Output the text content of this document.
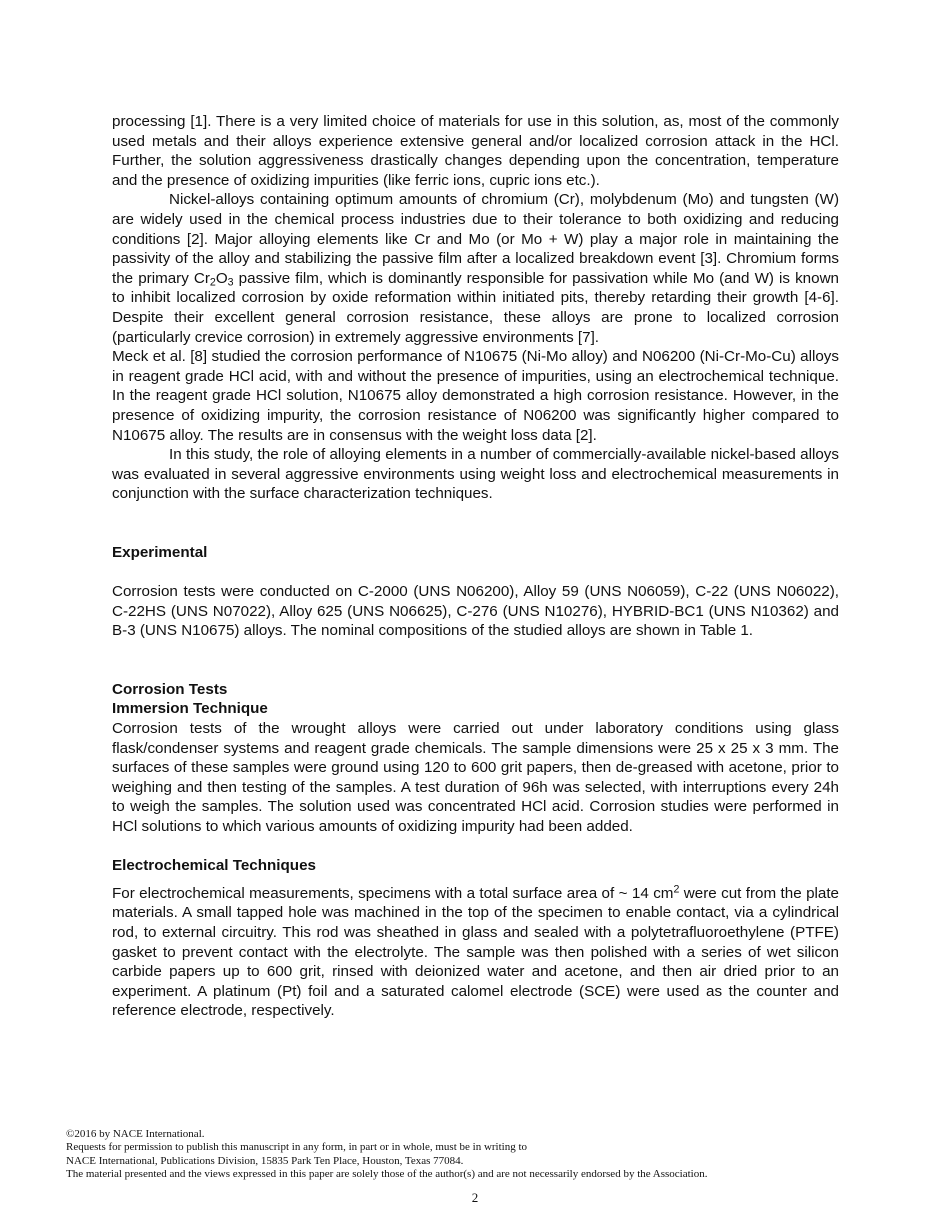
processing [1]. There is a very limited choice of materials for use in this solution, as, most of the commonly used metals and their alloys experience extensive general and/or localized corrosion attack in the HCl. Further, the solution aggressiveness drastically changes depending upon the concentration, temperature and the presence of oxidizing impurities (like ferric ions, cupric ions etc.).

Nickel-alloys containing optimum amounts of chromium (Cr), molybdenum (Mo) and tungsten (W) are widely used in the chemical process industries due to their tolerance to both oxidizing and reducing conditions [2]. Major alloying elements like Cr and Mo (or Mo + W) play a major role in maintaining the passivity of the alloy and stabilizing the passive film after a localized breakdown event [3]. Chromium forms the primary $Cr_2O_3$ passive film, which is dominantly responsible for passivation while Mo (and W) is known to inhibit localized corrosion by oxide reformation within initiated pits, thereby retarding their growth [4-6]. Despite their excellent general corrosion resistance, these alloys are prone to localized corrosion (particularly crevice corrosion) in extremely aggressive environments [7].

Meck et al. [8] studied the corrosion performance of N10675 (Ni-Mo alloy) and N06200 (Ni-Cr-Mo-Cu) alloys in reagent grade HCl acid, with and without the presence of impurities, using an electrochemical technique. In the reagent grade HCl solution, N10675 alloy demonstrated a high corrosion resistance. However, in the presence of oxidizing impurity, the corrosion resistance of N06200 was significantly higher compared to N10675 alloy. The results are in consensus with the weight loss data [2].

In this study, the role of alloying elements in a number of commercially-available nickel-based alloys was evaluated in several aggressive environments using weight loss and electrochemical measurements in conjunction with the surface characterization techniques.

Experimental

Corrosion tests were conducted on C-2000 (UNS N06200), Alloy 59 (UNS N06059), C-22 (UNS N06022), C-22HS (UNS N07022), Alloy 625 (UNS N06625), C-276 (UNS N10276), HYBRID-BC1 (UNS N10362) and B-3 (UNS N10675) alloys. The nominal compositions of the studied alloys are shown in Table 1.

Corrosion Tests

Immersion Technique

Corrosion tests of the wrought alloys were carried out under laboratory conditions using glass flask/condenser systems and reagent grade chemicals. The sample dimensions were 25 x 25 x 3 mm. The surfaces of these samples were ground using 120 to 600 grit papers, then de-greased with acetone, prior to weighing and then testing of the samples. A test duration of 96h was selected, with interruptions every 24h to weigh the samples. The solution used was concentrated HCl acid. Corrosion studies were performed in HCl solutions to which various amounts of oxidizing impurity had been added.

Electrochemical Techniques

For electrochemical measurements, specimens with a total surface area of ~ 14 $cm^2$ were cut from the plate materials. A small tapped hole was machined in the top of the specimen to enable contact, via a cylindrical rod, to external circuitry. This rod was sheathed in glass and sealed with a polytetrafluoroethylene (PTFE) gasket to prevent contact with the electrolyte. The sample was then polished with a series of wet silicon carbide papers up to 600 grit, rinsed with deionized water and acetone, and then air dried prior to an experiment. A platinum (Pt) foil and a saturated calomel electrode (SCE) were used as the counter and reference electrode, respectively.

©2016 by NACE International.
Requests for permission to publish this manuscript in any form, in part or in whole, must be in writing to
NACE International, Publications Division, 15835 Park Ten Place, Houston, Texas 77084.
The material presented and the views expressed in this paper are solely those of the author(s) and are not necessarily endorsed by the Association.
2
